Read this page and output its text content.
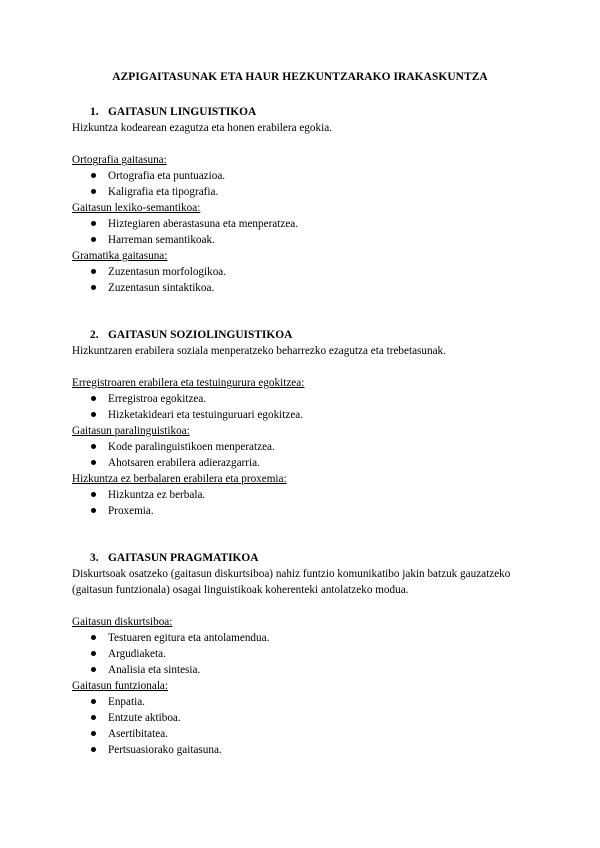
AZPIGAITASUNAK ETA HAUR HEZKUNTZARAKO IRAKASKUNTZA
1. GAITASUN LINGUISTIKOA
Hizkuntza kodearean ezagutza eta honen erabilera egokia.
Ortografia gaitasuna:
Ortografia eta puntuazioa.
Kaligrafia eta tipografia.
Gaitasun lexiko-semantikoa:
Hiztegiaren aberastasuna eta menperatzea.
Harreman semantikoak.
Gramatika gaitasuna:
Zuzentasun morfologikoa.
Zuzentasun sintaktikoa.
2. GAITASUN SOZIOLINGUISTIKOA
Hizkuntzaren erabilera soziala menperatzeko beharrezko ezagutza eta trebetasunak.
Erregistroaren erabilera eta testuingurura egokitzea:
Erregistroa egokitzea.
Hizketakideari eta testuinguruari egokitzea.
Gaitasun paralinguistikoa:
Kode paralinguistikoen menperatzea.
Ahotsaren erabilera adierazgarria.
Hizkuntza ez berbalaren erabilera eta proxemia:
Hizkuntza ez berbala.
Proxemia.
3. GAITASUN PRAGMATIKOA
Diskurtsoak osatzeko (gaitasun diskurtsiboa) nahiz funtzio komunikatibo jakin batzuk gauzatzeko (gaitasun funtzionala) osagai linguistikoak koherenteki antolatzeko modua.
Gaitasun diskurtsiboa:
Testuaren egitura eta antolamendua.
Argudiaketa.
Analisia eta sintesia.
Gaitasun funtzionala:
Enpatia.
Entzute aktiboa.
Asertibitatea.
Pertsuasiorako gaitasuna.
